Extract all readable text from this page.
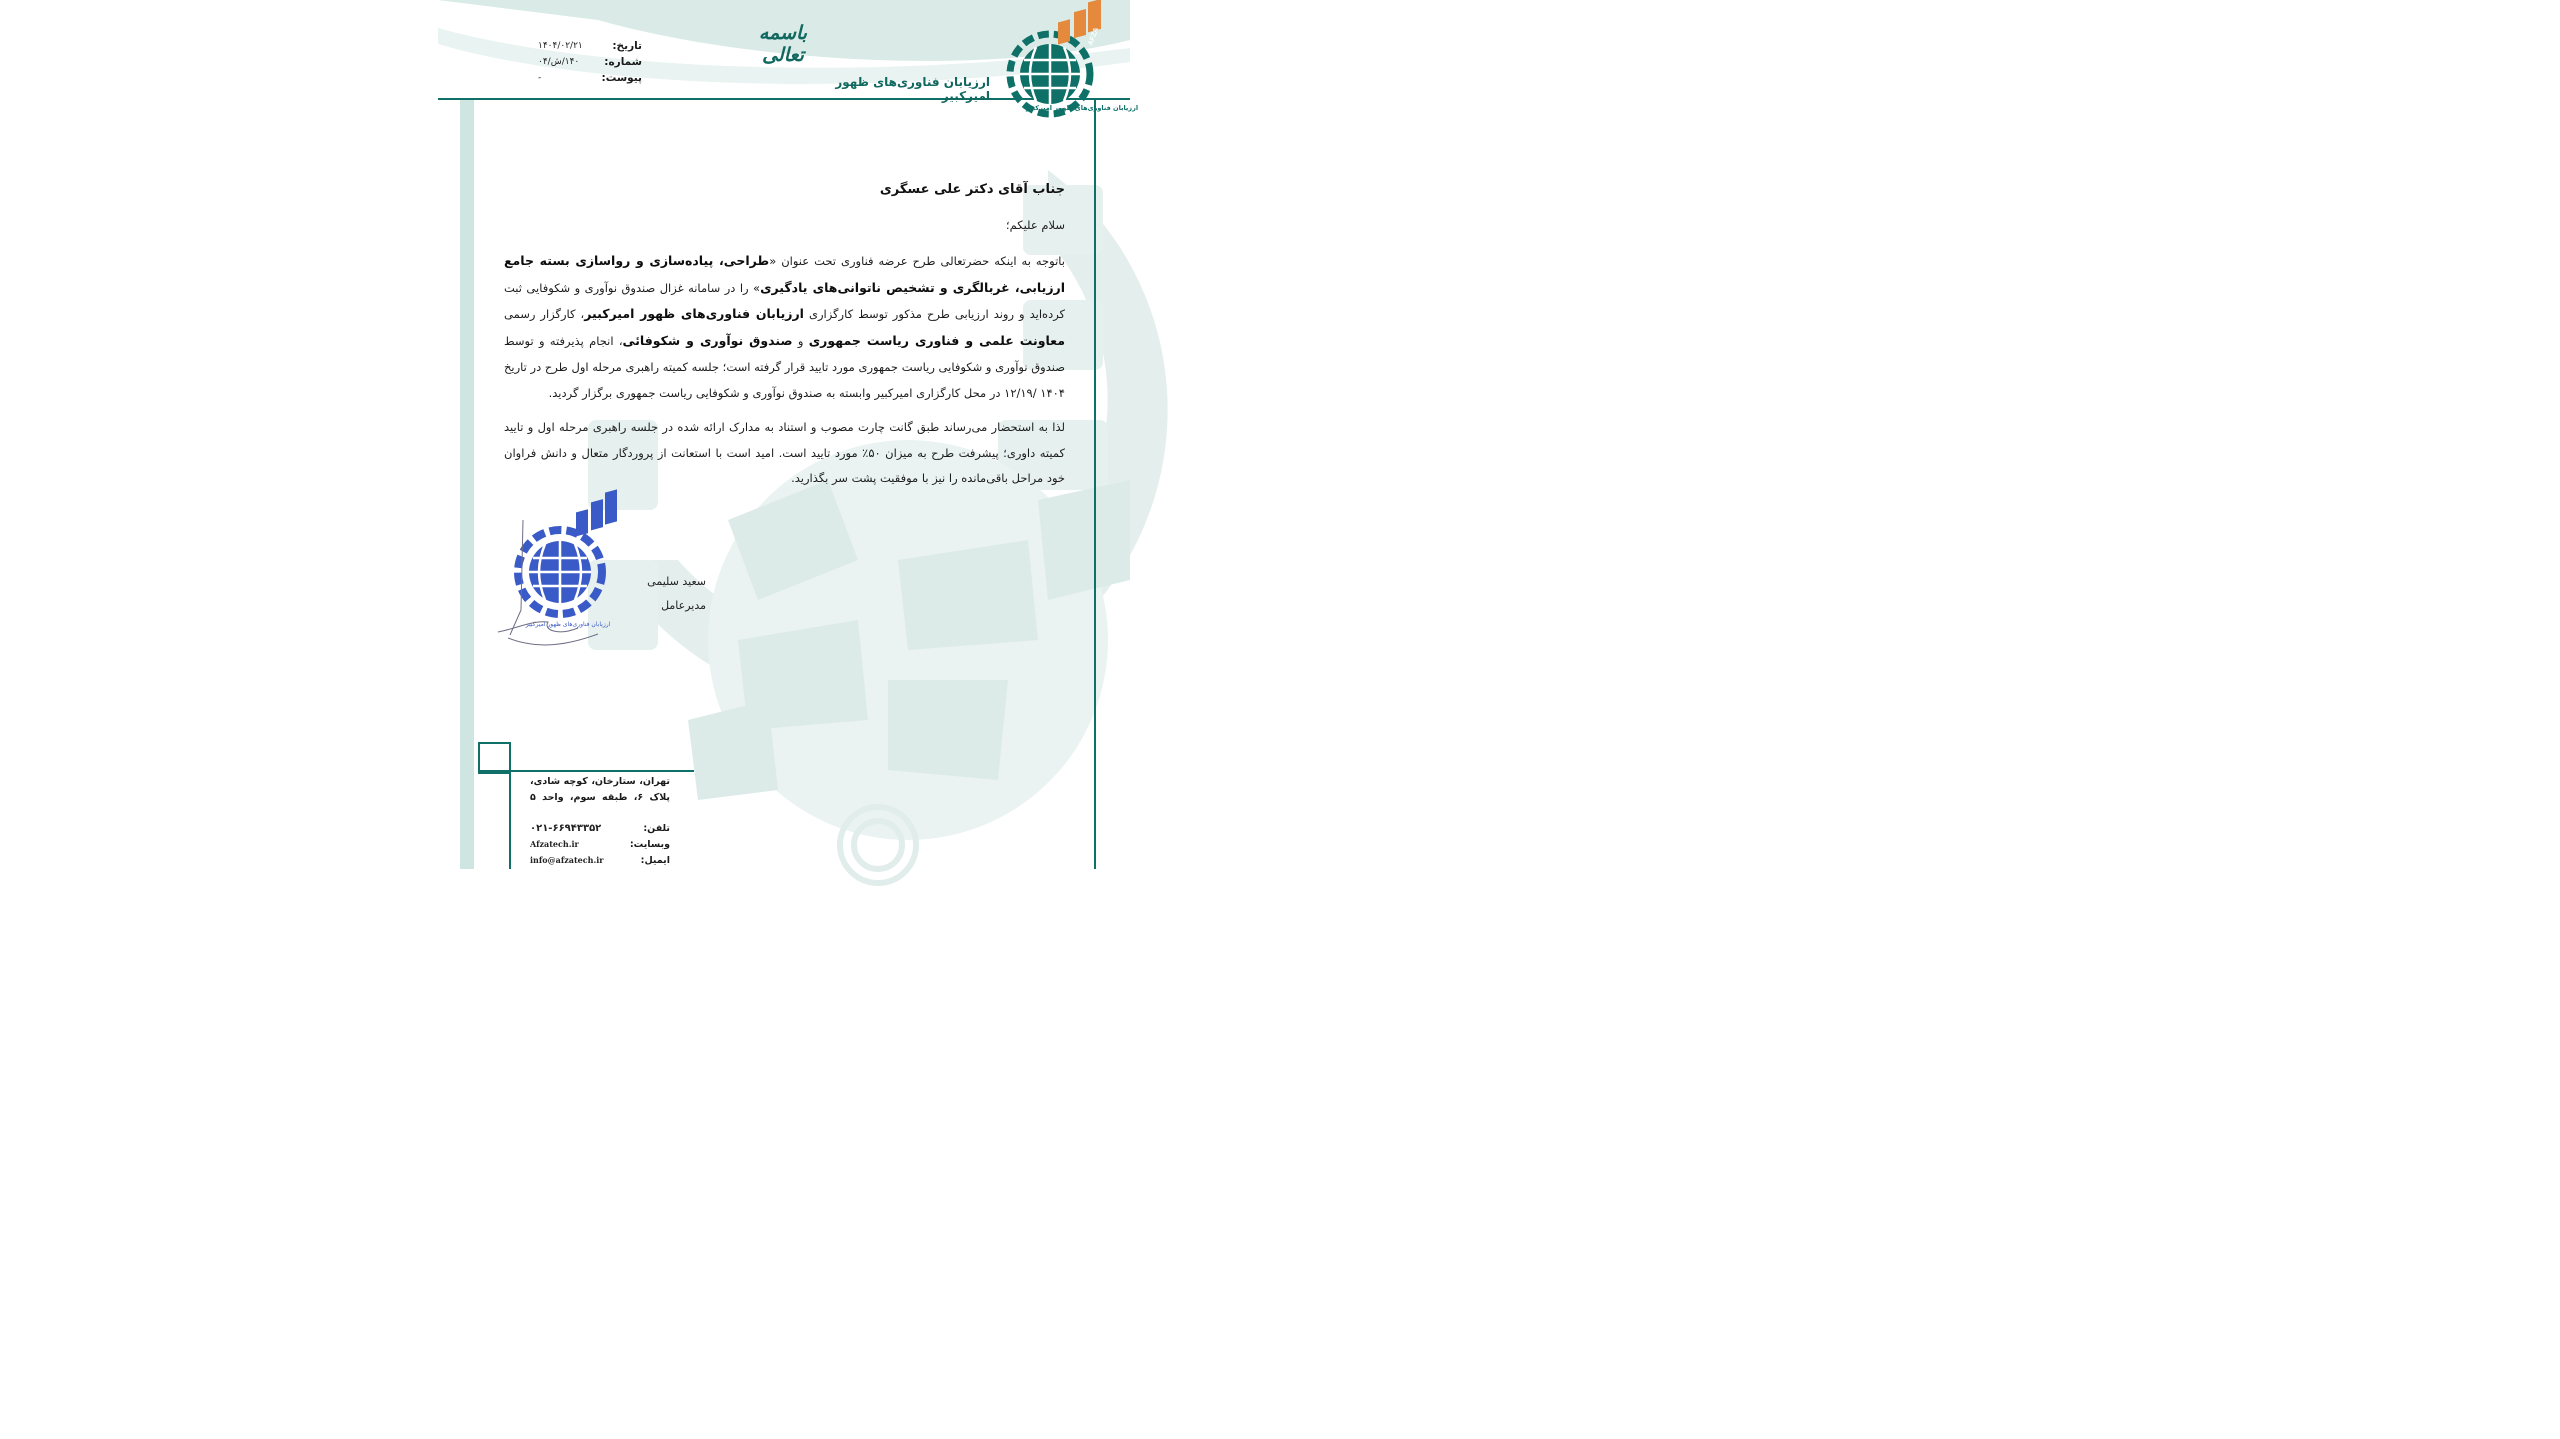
AFZA
ارزیابان فناوری‌های ظهور امیرکبیر
ارزیابان فناوری‌های ظهور امیرکبیر
باسمه تعالی
تاریخ:
۱۴۰۴/۰۲/۲۱
شماره:
۱۴۰/ش/۰۴
پیوست:
-
جناب آقای دکتر علی عسگری
سلام علیکم؛
باتوجه به اینکه حضرتعالی طرح عرضه فناوری تحت عنوان «طراحی، پیاده‌سازی و رواسازی بسته جامع ارزیابی، غربالگری و تشخیص ناتوانی‌های یادگیری» را در سامانه غزال صندوق نوآوری و شکوفایی ثبت کرده‌اید و روند ارزیابی طرح مذکور توسط کارگزاری ارزیابان فناوری‌های ظهور امیرکبیر، کارگزار رسمی معاونت علمی و فناوری ریاست جمهوری و صندوق نوآوری و شکوفائی، انجام پذیرفته و توسط صندوق نوآوری و شکوفایی ریاست جمهوری مورد تایید قرار گرفته است؛ جلسه کمیته راهبری مرحله اول طرح در تاریخ ۱۴۰۴ /۱۲/۱۹ در محل کارگزاری امیرکبیر وابسته به صندوق نوآوری و شکوفایی ریاست جمهوری برگزار گردید.
لذا به استحضار می‌رساند طبق گانت چارت مصوب و استناد به مدارک ارائه شده در جلسه راهبری مرحله اول و تایید کمیته داوری؛ پیشرفت طرح به میزان ۵۰٪ مورد تایید است. امید است با استعانت از پروردگار متعال و دانش فراوان خود مراحل باقی‌مانده را نیز با موفقیت پشت سر بگذارید.
AFZA
ارزیابان فناوری‌های ظهور امیرکبیر
سعید سلیمی
مدیرعامل
تهران، ستارخان، کوچه شادی، پلاک ۶، طبقه سوم، واحد ۵
۰۲۱-۶۶۹۴۳۳۵۲	تلفن:
Afzatech.ir	وبسایت:
info@afzatech.ir	ایمیل:
